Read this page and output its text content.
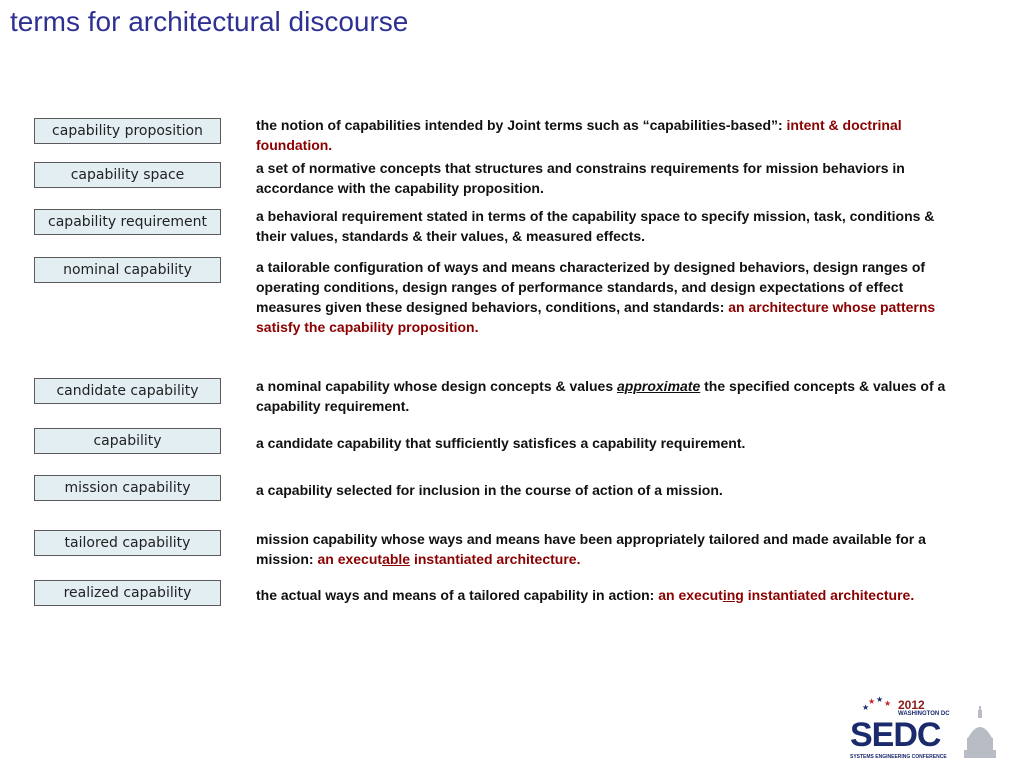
terms for architectural discourse
capability proposition	the notion of capabilities intended by Joint terms such as “capabilities-based”: intent & doctrinal foundation.
capability space	a set of normative concepts that structures and constrains requirements for mission behaviors in accordance with the capability proposition.
capability requirement	a behavioral requirement stated in terms of the capability space to specify mission, task, conditions & their values, standards & their values, & measured effects.
nominal capability	a tailorable configuration of ways and means characterized by designed behaviors, design ranges of operating conditions, design ranges of performance standards, and design expectations of effect measures given these designed behaviors, conditions, and standards: an architecture whose patterns satisfy the capability proposition.
candidate capability	a nominal capability whose design concepts & values approximate the specified concepts & values of a capability requirement.
capability	a candidate capability that sufficiently satisfices a capability requirement.
mission capability	a capability selected for inclusion in the course of action of a mission.
tailored capability	mission capability whose ways and means have been appropriately tailored and made available for a mission: an executable instantiated architecture.
realized capability	the actual ways and means of a tailored capability in action: an executing instantiated architecture.
★ ★ ★
★ 2012
WASHINGTON DC
SEDC
SYSTEMS ENGINEERING CONFERENCE
